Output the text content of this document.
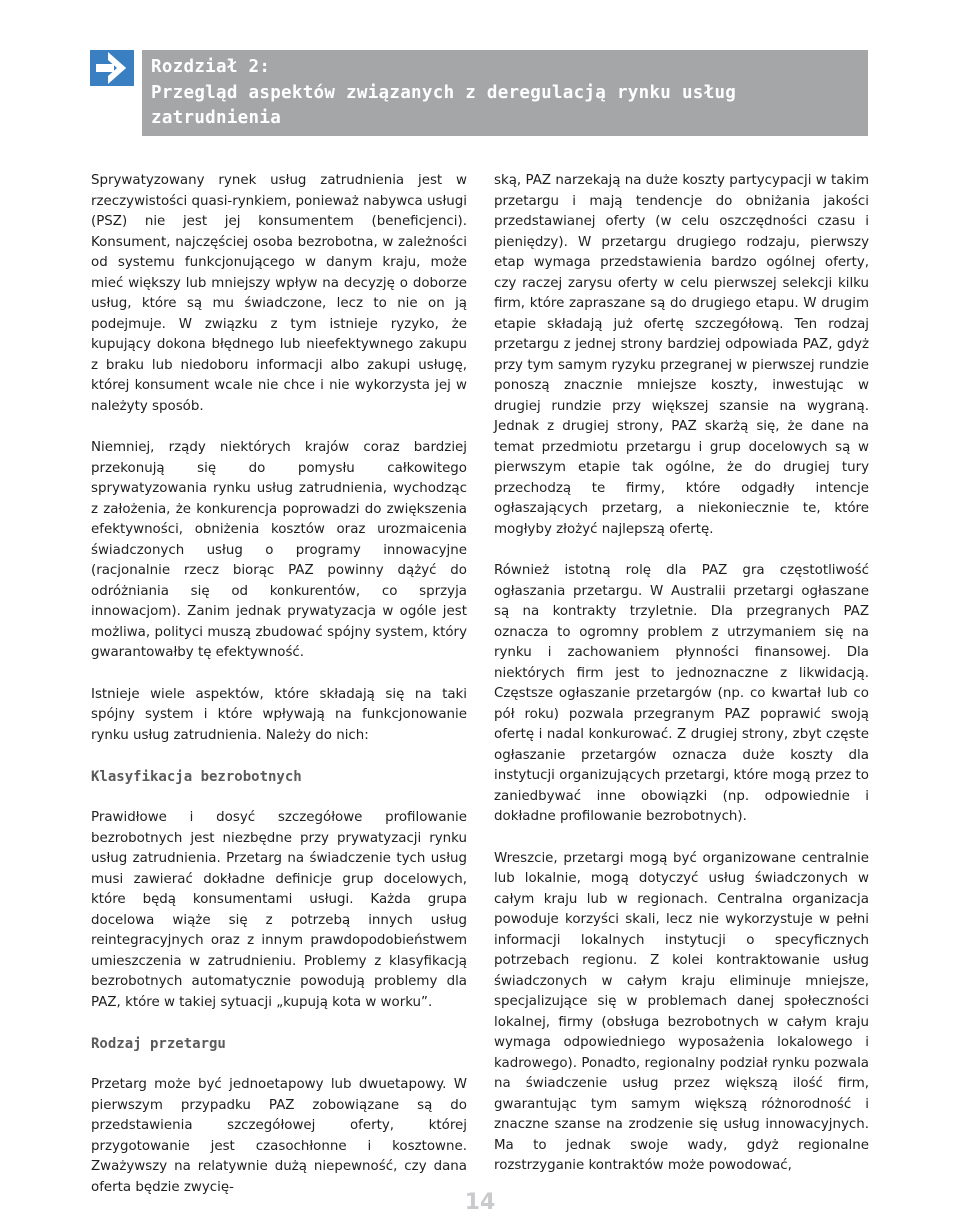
Rozdział 2:
Przegląd aspektów związanych z deregulacją rynku usług zatrudnienia

Sprywatyzowany rynek usług zatrudnienia jest w rzeczywistości quasi-rynkiem, ponieważ nabywca usługi (PSZ) nie jest jej konsumentem (beneficjenci). Konsument, najczęściej osoba bezrobotna, w zależności od systemu funkcjonującego w danym kraju, może mieć większy lub mniejszy wpływ na decyzję o doborze usług, które są mu świadczone, lecz to nie on ją podejmuje. W związku z tym istnieje ryzyko, że kupujący dokona błędnego lub nieefektywnego zakupu z braku lub niedoboru informacji albo zakupi usługę, której konsument wcale nie chce i nie wykorzysta jej w należyty sposób.

Niemniej, rządy niektórych krajów coraz bardziej przekonują się do pomysłu całkowitego sprywatyzowania rynku usług zatrudnienia, wychodząc z założenia, że konkurencja poprowadzi do zwiększenia efektywności, obniżenia kosztów oraz urozmaicenia świadczonych usług o programy innowacyjne (racjonalnie rzecz biorąc PAZ powinny dążyć do odróżniania się od konkurentów, co sprzyja innowacjom). Zanim jednak prywatyzacja w ogóle jest możliwa, polityci muszą zbudować spójny system, który gwarantowałby tę efektywność.

Istnieje wiele aspektów, które składają się na taki spójny system i które wpływają na funkcjonowanie rynku usług zatrudnienia. Należy do nich:

Klasyfikacja bezrobotnych

Prawidłowe i dosyć szczegółowe profilowanie bezrobotnych jest niezbędne przy prywatyzacji rynku usług zatrudnienia. Przetarg na świadczenie tych usług musi zawierać dokładne definicje grup docelowych, które będą konsumentami usługi. Każda grupa docelowa wiąże się z potrzebą innych usług reintegracyjnych oraz z innym prawdopodobieństwem umieszczenia w zatrudnieniu. Problemy z klasyfikacją bezrobotnych automatycznie powodują problemy dla PAZ, które w takiej sytuacji „kupują kota w worku”.

Rodzaj przetargu

Przetarg może być jednoetapowy lub dwuetapowy. W pierwszym przypadku PAZ zobowiązane są do przedstawienia szczegółowej oferty, której przygotowanie jest czasochłonne i kosztowne. Zważywszy na relatywnie dużą niepewność, czy dana oferta będzie zwycię-

ską, PAZ narzekają na duże koszty partycypacji w takim przetargu i mają tendencje do obniżania jakości przedstawianej oferty (w celu oszczędności czasu i pieniędzy). W przetargu drugiego rodzaju, pierwszy etap wymaga przedstawienia bardzo ogólnej oferty, czy raczej zarysu oferty w celu pierwszej selekcji kilku firm, które zapraszane są do drugiego etapu. W drugim etapie składają już ofertę szczegółową. Ten rodzaj przetargu z jednej strony bardziej odpowiada PAZ, gdyż przy tym samym ryzyku przegranej w pierwszej rundzie ponoszą znacznie mniejsze koszty, inwestując w drugiej rundzie przy większej szansie na wygraną. Jednak z drugiej strony, PAZ skarżą się, że dane na temat przedmiotu przetargu i grup docelowych są w pierwszym etapie tak ogólne, że do drugiej tury przechodzą te firmy, które odgadły intencje ogłaszających przetarg, a niekoniecznie te, które mogłyby złożyć najlepszą ofertę.

Również istotną rolę dla PAZ gra częstotliwość ogłaszania przetargu. W Australii przetargi ogłaszane są na kontrakty trzyletnie. Dla przegranych PAZ oznacza to ogromny problem z utrzymaniem się na rynku i zachowaniem płynności finansowej. Dla niektórych firm jest to jednoznaczne z likwidacją. Częstsze ogłaszanie przetargów (np. co kwartał lub co pół roku) pozwala przegranym PAZ poprawić swoją ofertę i nadal konkurować. Z drugiej strony, zbyt częste ogłaszanie przetargów oznacza duże koszty dla instytucji organizujących przetargi, które mogą przez to zaniedbywać inne obowiązki (np. odpowiednie i dokładne profilowanie bezrobotnych).

Wreszcie, przetargi mogą być organizowane centralnie lub lokalnie, mogą dotyczyć usług świadczonych w całym kraju lub w regionach. Centralna organizacja powoduje korzyści skali, lecz nie wykorzystuje w pełni informacji lokalnych instytucji o specyficznych potrzebach regionu. Z kolei kontraktowanie usług świadczonych w całym kraju eliminuje mniejsze, specjalizujące się w problemach danej społeczności lokalnej, firmy (obsługa bezrobotnych w całym kraju wymaga odpowiedniego wyposażenia lokalowego i kadrowego). Ponadto, regionalny podział rynku pozwala na świadczenie usług przez większą ilość firm, gwarantując tym samym większą różnorodność i znaczne szanse na zrodzenie się usług innowacyjnych. Ma to jednak swoje wady, gdyż regionalne rozstrzyganie kontraktów może powodować,

14
